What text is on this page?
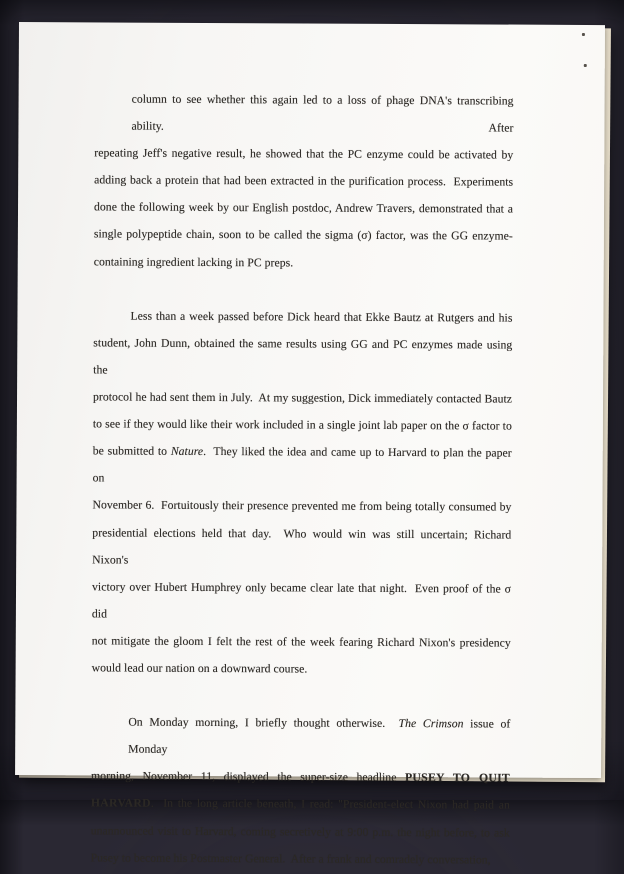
column to see whether this again led to a loss of phage DNA's transcribing ability.  After
repeating Jeff's negative result, he showed that the PC enzyme could be activated by
adding back a protein that had been extracted in the purification process.  Experiments
done the following week by our English postdoc, Andrew Travers, demonstrated that a
single polypeptide chain, soon to be called the sigma (σ) factor, was the GG enzyme-
containing ingredient lacking in PC preps.
Less than a week passed before Dick heard that Ekke Bautz at Rutgers and his
student, John Dunn, obtained the same results using GG and PC enzymes made using the
protocol he had sent them in July.  At my suggestion, Dick immediately contacted Bautz
to see if they would like their work included in a single joint lab paper on the σ factor to
be submitted to Nature.  They liked the idea and came up to Harvard to plan the paper on
November 6.  Fortuitously their presence prevented me from being totally consumed by
presidential elections held that day.  Who would win was still uncertain; Richard Nixon's
victory over Hubert Humphrey only became clear late that night.  Even proof of the σ did
not mitigate the gloom I felt the rest of the week fearing Richard Nixon's presidency
would lead our nation on a downward course.
On Monday morning, I briefly thought otherwise.  The Crimson issue of Monday
morning, November 11, displayed the super-size headline PUSEY TO QUIT
HARVARD.  In the long article beneath, I read: "President-elect Nixon had paid an
unannounced visit to Harvard, coming secretively at 9:00 p.m. the night before, to ask
Pusey to become his Postmaster General.  After a frank and comradely conversation,
